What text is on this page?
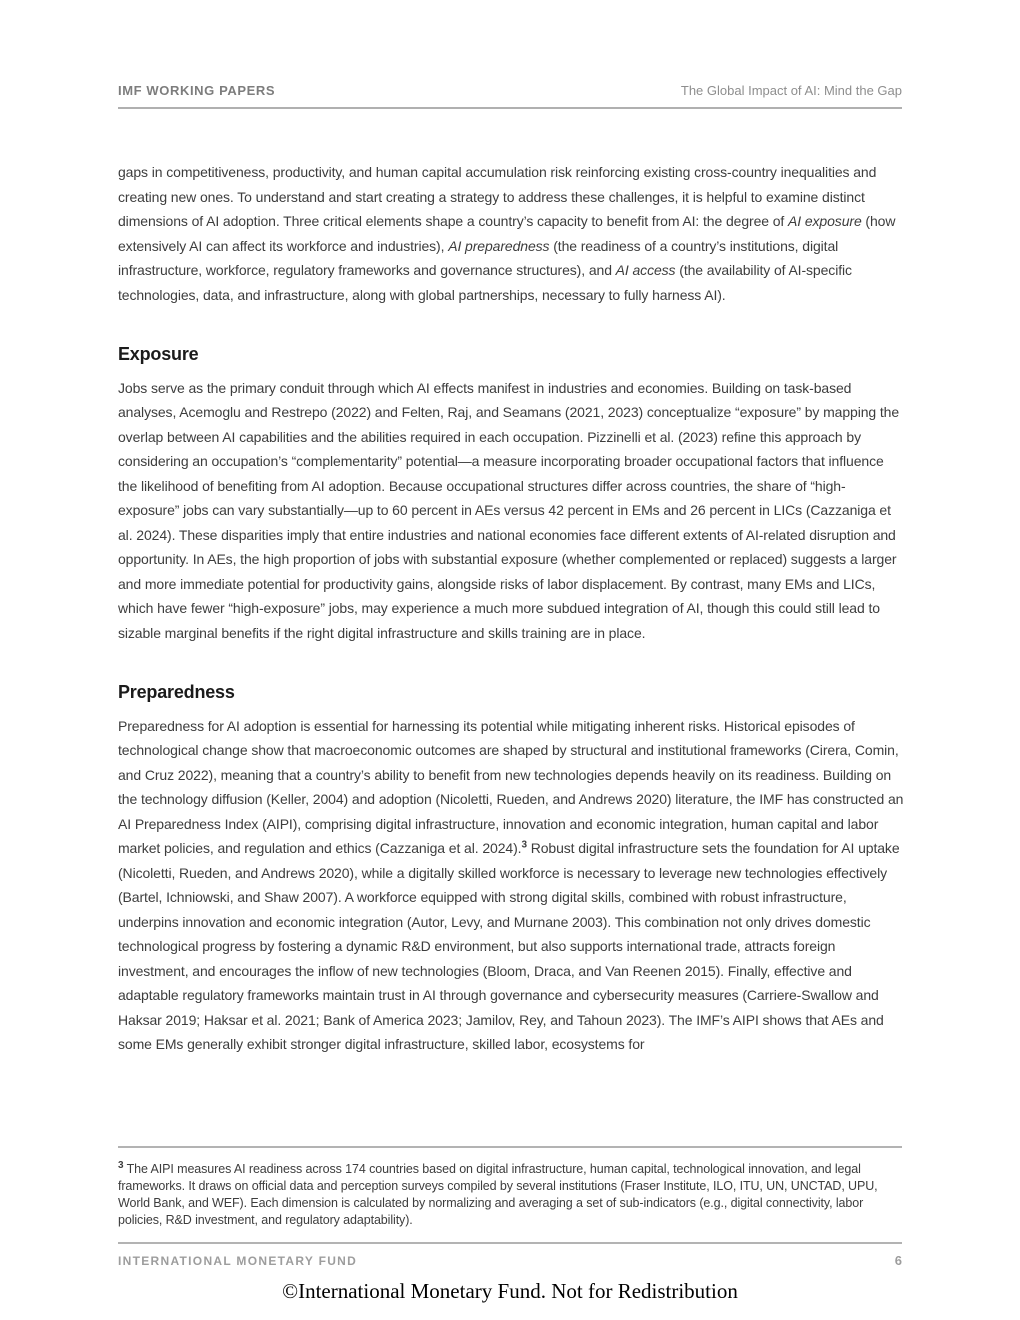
IMF WORKING PAPERS	The Global Impact of AI: Mind the Gap

gaps in competitiveness, productivity, and human capital accumulation risk reinforcing existing cross-country inequalities and creating new ones. To understand and start creating a strategy to address these challenges, it is helpful to examine distinct dimensions of AI adoption. Three critical elements shape a country’s capacity to benefit from AI: the degree of AI exposure (how extensively AI can affect its workforce and industries), AI preparedness (the readiness of a country’s institutions, digital infrastructure, workforce, regulatory frameworks and governance structures), and AI access (the availability of AI-specific technologies, data, and infrastructure, along with global partnerships, necessary to fully harness AI).

Exposure

Jobs serve as the primary conduit through which AI effects manifest in industries and economies. Building on task-based analyses, Acemoglu and Restrepo (2022) and Felten, Raj, and Seamans (2021, 2023) conceptualize “exposure” by mapping the overlap between AI capabilities and the abilities required in each occupation. Pizzinelli et al. (2023) refine this approach by considering an occupation’s “complementarity” potential—a measure incorporating broader occupational factors that influence the likelihood of benefiting from AI adoption. Because occupational structures differ across countries, the share of “high-exposure” jobs can vary substantially—up to 60 percent in AEs versus 42 percent in EMs and 26 percent in LICs (Cazzaniga et al. 2024). These disparities imply that entire industries and national economies face different extents of AI-related disruption and opportunity. In AEs, the high proportion of jobs with substantial exposure (whether complemented or replaced) suggests a larger and more immediate potential for productivity gains, alongside risks of labor displacement. By contrast, many EMs and LICs, which have fewer “high-exposure” jobs, may experience a much more subdued integration of AI, though this could still lead to sizable marginal benefits if the right digital infrastructure and skills training are in place.

Preparedness

Preparedness for AI adoption is essential for harnessing its potential while mitigating inherent risks. Historical episodes of technological change show that macroeconomic outcomes are shaped by structural and institutional frameworks (Cirera, Comin, and Cruz 2022), meaning that a country’s ability to benefit from new technologies depends heavily on its readiness. Building on the technology diffusion (Keller, 2004) and adoption (Nicoletti, Rueden, and Andrews 2020) literature, the IMF has constructed an AI Preparedness Index (AIPI), comprising digital infrastructure, innovation and economic integration, human capital and labor market policies, and regulation and ethics (Cazzaniga et al. 2024).$^3$ Robust digital infrastructure sets the foundation for AI uptake (Nicoletti, Rueden, and Andrews 2020), while a digitally skilled workforce is necessary to leverage new technologies effectively (Bartel, Ichniowski, and Shaw 2007). A workforce equipped with strong digital skills, combined with robust infrastructure, underpins innovation and economic integration (Autor, Levy, and Murnane 2003). This combination not only drives domestic technological progress by fostering a dynamic R&D environment, but also supports international trade, attracts foreign investment, and encourages the inflow of new technologies (Bloom, Draca, and Van Reenen 2015). Finally, effective and adaptable regulatory frameworks maintain trust in AI through governance and cybersecurity measures (Carriere-Swallow and Haksar 2019; Haksar et al. 2021; Bank of America 2023; Jamilov, Rey, and Tahoun 2023). The IMF’s AIPI shows that AEs and some EMs generally exhibit stronger digital infrastructure, skilled labor, ecosystems for

$^3$ The AIPI measures AI readiness across 174 countries based on digital infrastructure, human capital, technological innovation, and legal frameworks. It draws on official data and perception surveys compiled by several institutions (Fraser Institute, ILO, ITU, UN, UNCTAD, UPU, World Bank, and WEF). Each dimension is calculated by normalizing and averaging a set of sub-indicators (e.g., digital connectivity, labor policies, R&D investment, and regulatory adaptability).

INTERNATIONAL MONETARY FUND	6
©International Monetary Fund. Not for Redistribution
